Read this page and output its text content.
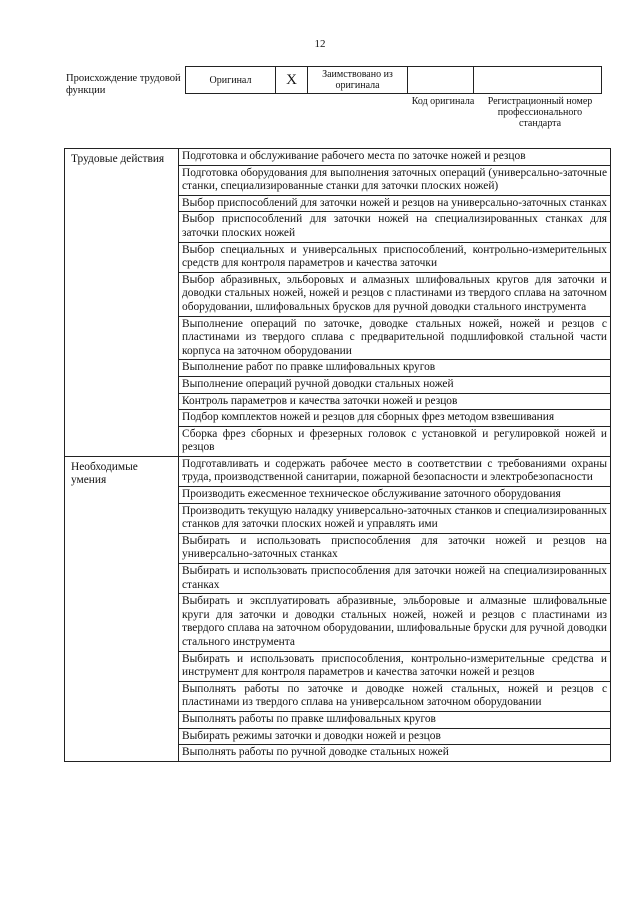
12
Происхождение трудовой функции
Оригинал	X	Заимствовано из оригинала		
Код оригинала	Регистрационный номер профессионального стандарта
Трудовые действия	Подготовка и обслуживание рабочего места по заточке ножей и резцов
	Подготовка оборудования для выполнения заточных операций (универсально-заточные станки, специализированные станки для заточки плоских ножей)
	Выбор приспособлений для заточки ножей и резцов на универсально-заточных станках
	Выбор приспособлений для заточки ножей на специализированных станках для заточки плоских ножей
	Выбор специальных и универсальных приспособлений, контрольно-измерительных средств для контроля параметров и качества заточки
	Выбор абразивных, эльборовых и алмазных шлифовальных кругов для заточки и доводки стальных ножей, ножей и резцов с пластинами из твердого сплава на заточном оборудовании, шлифовальных брусков для ручной доводки стального инструмента
	Выполнение операций по заточке, доводке стальных ножей, ножей и резцов с пластинами из твердого сплава с предварительной подшлифовкой стальной части корпуса на заточном оборудовании
	Выполнение работ по правке шлифовальных кругов
	Выполнение операций ручной доводки стальных ножей
	Контроль параметров и качества заточки ножей и резцов
	Подбор комплектов ножей и резцов для сборных фрез методом взвешивания
	Сборка фрез сборных и фрезерных головок с установкой и регулировкой ножей и резцов
Необходимые умения	Подготавливать и содержать рабочее место в соответствии с требованиями охраны труда, производственной санитарии, пожарной безопасности и электробезопасности
	Производить ежесменное техническое обслуживание заточного оборудования
	Производить текущую наладку универсально-заточных станков и специализированных станков для заточки плоских ножей и управлять ими
	Выбирать и использовать приспособления для заточки ножей и резцов на универсально-заточных станках
	Выбирать и использовать приспособления для заточки ножей на специализированных станках
	Выбирать и эксплуатировать абразивные, эльборовые и алмазные шлифовальные круги для заточки и доводки стальных ножей, ножей и резцов с пластинами из твердого сплава на заточном оборудовании, шлифовальные бруски для ручной доводки стального инструмента
	Выбирать и использовать приспособления, контрольно-измерительные средства и инструмент для контроля параметров и качества заточки ножей и резцов
	Выполнять работы по заточке и доводке ножей стальных, ножей и резцов с пластинами из твердого сплава на универсальном заточном оборудовании
	Выполнять работы по правке шлифовальных кругов
	Выбирать режимы заточки и доводки ножей и резцов
	Выполнять работы по ручной доводке стальных ножей
